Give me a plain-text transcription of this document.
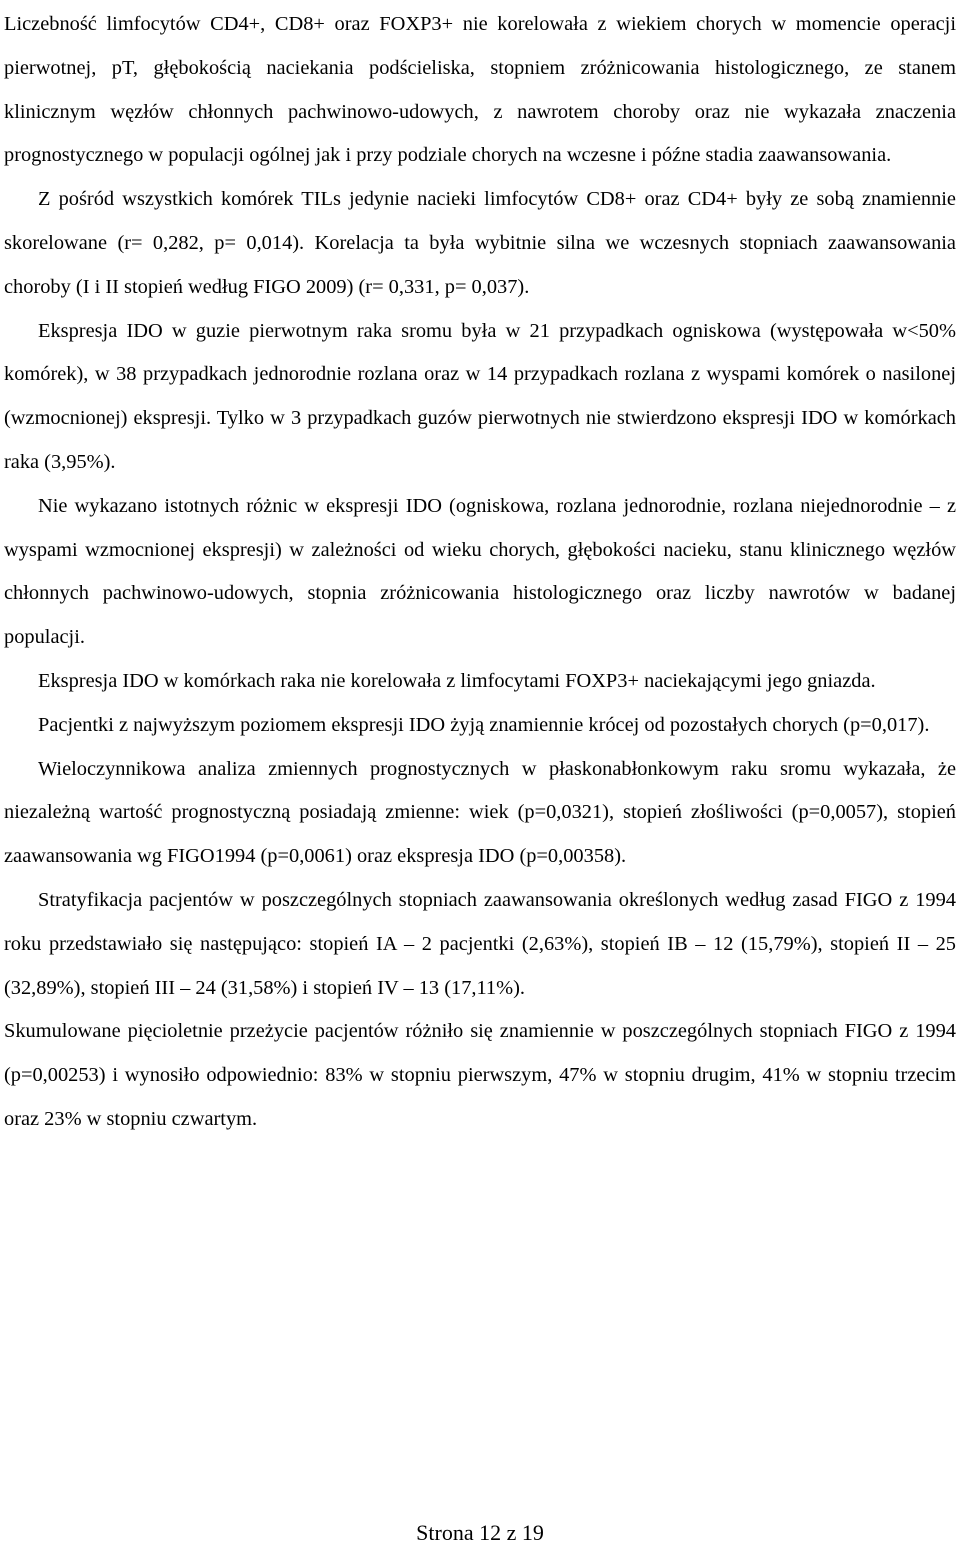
Liczebność limfocytów CD4+, CD8+ oraz FOXP3+ nie korelowała z wiekiem chorych w momencie operacji pierwotnej, pT, głębokością naciekania podścieliska, stopniem zróżnicowania histologicznego, ze stanem klinicznym węzłów chłonnych pachwinowo-udowych, z nawrotem choroby oraz nie wykazała znaczenia prognostycznego w populacji ogólnej jak i przy podziale chorych na wczesne i późne stadia zaawansowania.

Z pośród wszystkich komórek TILs jedynie nacieki limfocytów CD8+ oraz CD4+ były ze sobą znamiennie skorelowane (r= 0,282, p= 0,014). Korelacja ta była wybitnie silna we wczesnych stopniach zaawansowania choroby (I i II stopień według FIGO 2009) (r= 0,331, p= 0,037).

Ekspresja IDO w guzie pierwotnym raka sromu była w 21 przypadkach ogniskowa (występowała w<50% komórek), w 38 przypadkach jednorodnie rozlana oraz w 14 przypadkach rozlana z wyspami komórek o nasilonej (wzmocnionej) ekspresji. Tylko w 3 przypadkach guzów pierwotnych nie stwierdzono ekspresji IDO w komórkach raka (3,95%).

Nie wykazano istotnych różnic w ekspresji IDO (ogniskowa, rozlana jednorodnie, rozlana niejednorodnie – z wyspami wzmocnionej ekspresji) w zależności od wieku chorych, głębokości nacieku, stanu klinicznego węzłów chłonnych pachwinowo-udowych, stopnia zróżnicowania histologicznego oraz liczby nawrotów w badanej populacji.

Ekspresja IDO w komórkach raka nie korelowała z limfocytami FOXP3+ naciekającymi jego gniazda.

Pacjentki z najwyższym poziomem ekspresji IDO żyją znamiennie krócej od pozostałych chorych (p=0,017).

Wieloczynnikowa analiza zmiennych prognostycznych w płaskonabłonkowym raku sromu wykazała, że niezależną wartość prognostyczną posiadają zmienne: wiek (p=0,0321), stopień złośliwości (p=0,0057), stopień zaawansowania wg FIGO1994 (p=0,0061) oraz ekspresja IDO (p=0,00358).

Stratyfikacja pacjentów w poszczególnych stopniach zaawansowania określonych według zasad FIGO z 1994 roku przedstawiało się następująco: stopień IA – 2 pacjentki (2,63%), stopień IB – 12 (15,79%), stopień II – 25 (32,89%), stopień III – 24 (31,58%) i stopień IV – 13 (17,11%).

Skumulowane pięcioletnie przeżycie pacjentów różniło się znamiennie w poszczególnych stopniach FIGO z 1994 (p=0,00253) i wynosiło odpowiednio: 83% w stopniu pierwszym, 47% w stopniu drugim, 41% w stopniu trzecim oraz 23% w stopniu czwartym.

Strona 12 z 19
